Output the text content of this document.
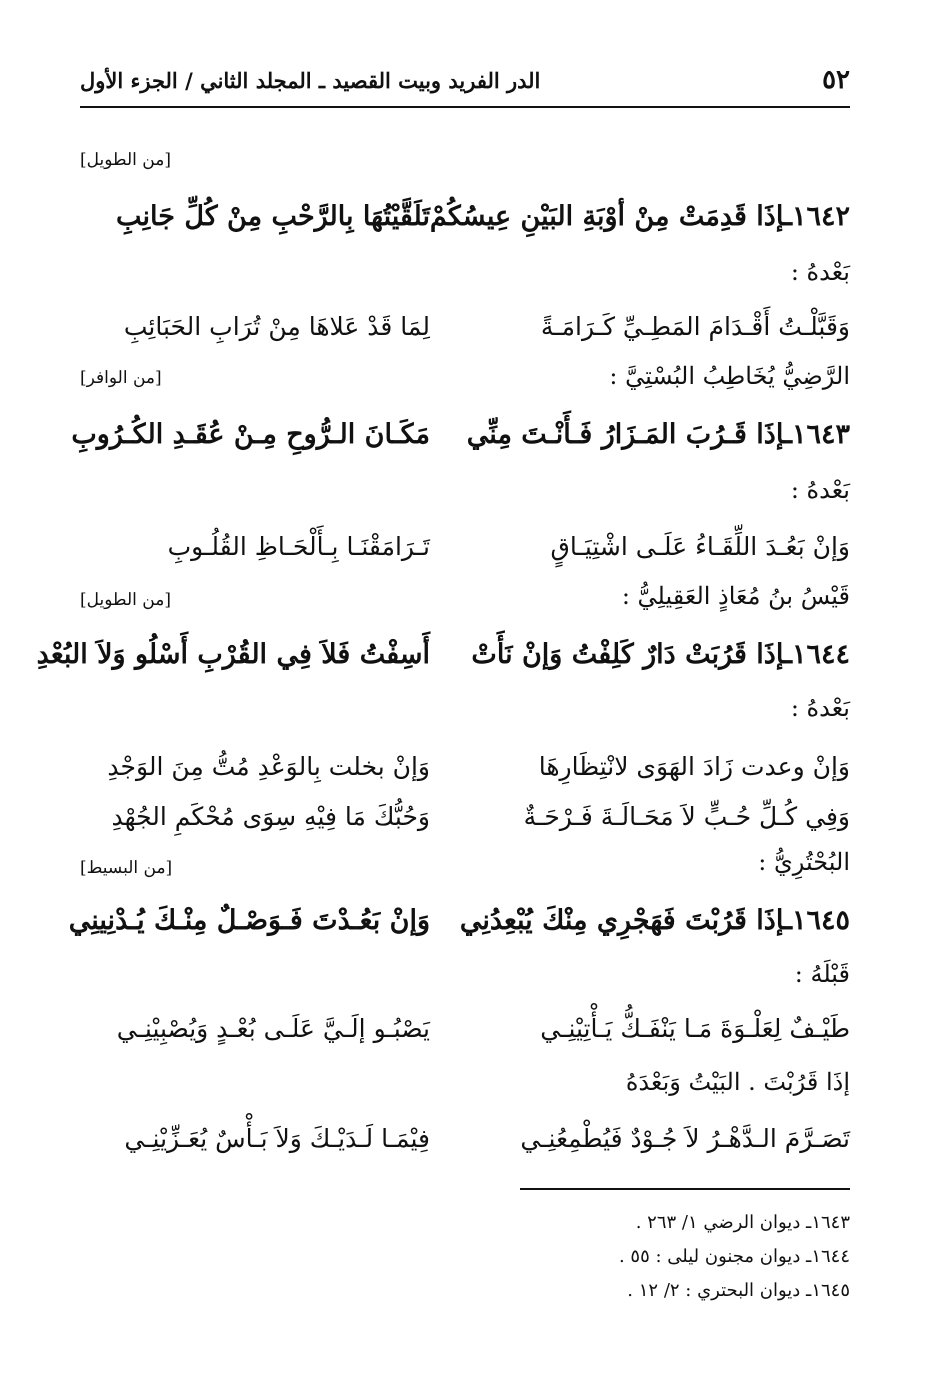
٥٢
الدر الفريد وبيت القصيد ـ المجلد الثاني / الجزء الأول
[من الطويل]
١٦٤٢ـإذَا قَدِمَتْ مِنْ أوْبَةِ البَيْنِ عِيسُكُمْ
تَلَقَّيْتُهَا بِالرَّحْبِ مِنْ كُلِّ جَانِبِ
بَعْدهُ :
وَقَبَّلْـتُ أَقْـدَامَ المَطِـيِّ كَـرَامَـةً
لِمَا قَدْ عَلاهَا مِنْ تُرَابِ الحَبَائِبِ
الرَّضِيُّ يُخَاطِبُ البُسْتِيَّ :
[من الوافر]
١٦٤٣ـإذَا قَـرُبَ المَـزَارُ فَـأَنْـتَ مِنِّي
مَكَـانَ الـرُّوحِ مِـنْ عُقَـدِ الكُـرُوبِ
بَعْدهُ :
وَإنْ بَعُـدَ اللِّقَـاءُ عَلَـى اشْتِيَـاقٍ
تَـرَامَقْنَـا بِـأَلْحَـاظِ القُلُـوبِ
قَيْسُ بنُ مُعَاذٍ العَقِيلِيُّ :
[من الطويل]
١٦٤٤ـإذَا قَرُبَتْ دَارٌ كَلِفْتُ وَإنْ نَأَتْ
أَسِفْتُ فَلاَ فِي القُرْبِ أَسْلُو وَلاَ البُعْدِ
بَعْدهُ :
وَإنْ وعدت زَادَ الهَوَى لانْتِظَارِهَا
وَإنْ بخلت بِالوَعْدِ مُتُّ مِنَ الوَجْدِ
وَفِي كُـلِّ حُـبٍّ لاَ مَحَـالَـةَ فَـرْحَـةٌ
وَحُبُّكَ مَا فِيْهِ سِوَى مُحْكَمِ الجُهْدِ
البُحْتُرِيُّ :
[من البسيط]
١٦٤٥ـإذَا قَرُبْتَ فَهَجْرِي مِنْكَ يُبْعِدُنِي
وَإنْ بَعُـدْتَ فَـوَصْـلٌ مِنْـكَ يُـدْنِينِي
قَبْلَهُ :
طَيْـفٌ لِعَلْـوَةَ مَـا يَنْفَـكُّ يَـأْتِيْنِـي
يَصْبُـو إلَـيَّ عَلَـى بُعْـدٍ وَيُصْبِيْنِـي
إذَا قَرُبْتَ . البَيْتُ وَبَعْدَهُ
تَصَـرَّمَ الـدَّهْـرُ لاَ جُـوْدٌ فَيُطْمِعُنِـي
فِيْمَـا لَـدَيْـكَ وَلاَ بَـأْسٌ يُعَـزِّيْنِـي
١٦٤٣ـ ديوان الرضي ١/ ٢٦٣ .
١٦٤٤ـ ديوان مجنون ليلى : ٥٥ .
١٦٤٥ـ ديوان البحتري : ٢/ ١٢ .
